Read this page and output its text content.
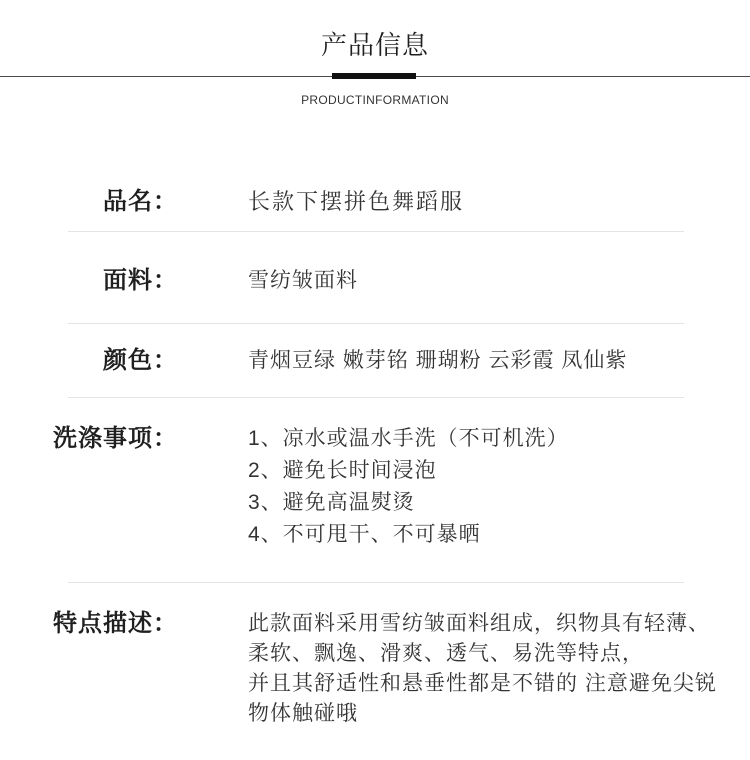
产品信息
PRODUCTINFORMATION
品名：	长款下摆拼色舞蹈服
面料：	雪纺皱面料
颜色：	青烟豆绿 嫩芽铭 珊瑚粉 云彩霞 凤仙紫
洗涤事项：	1、凉水或温水手洗（不可机洗）
2、避免长时间浸泡
3、避免高温熨烫
4、不可甩干、不可暴晒
特点描述：	此款面料采用雪纺皱面料组成，织物具有轻薄、
柔软、飘逸、滑爽、透气、易洗等特点，
并且其舒适性和悬垂性都是不错的 注意避免尖锐
物体触碰哦
